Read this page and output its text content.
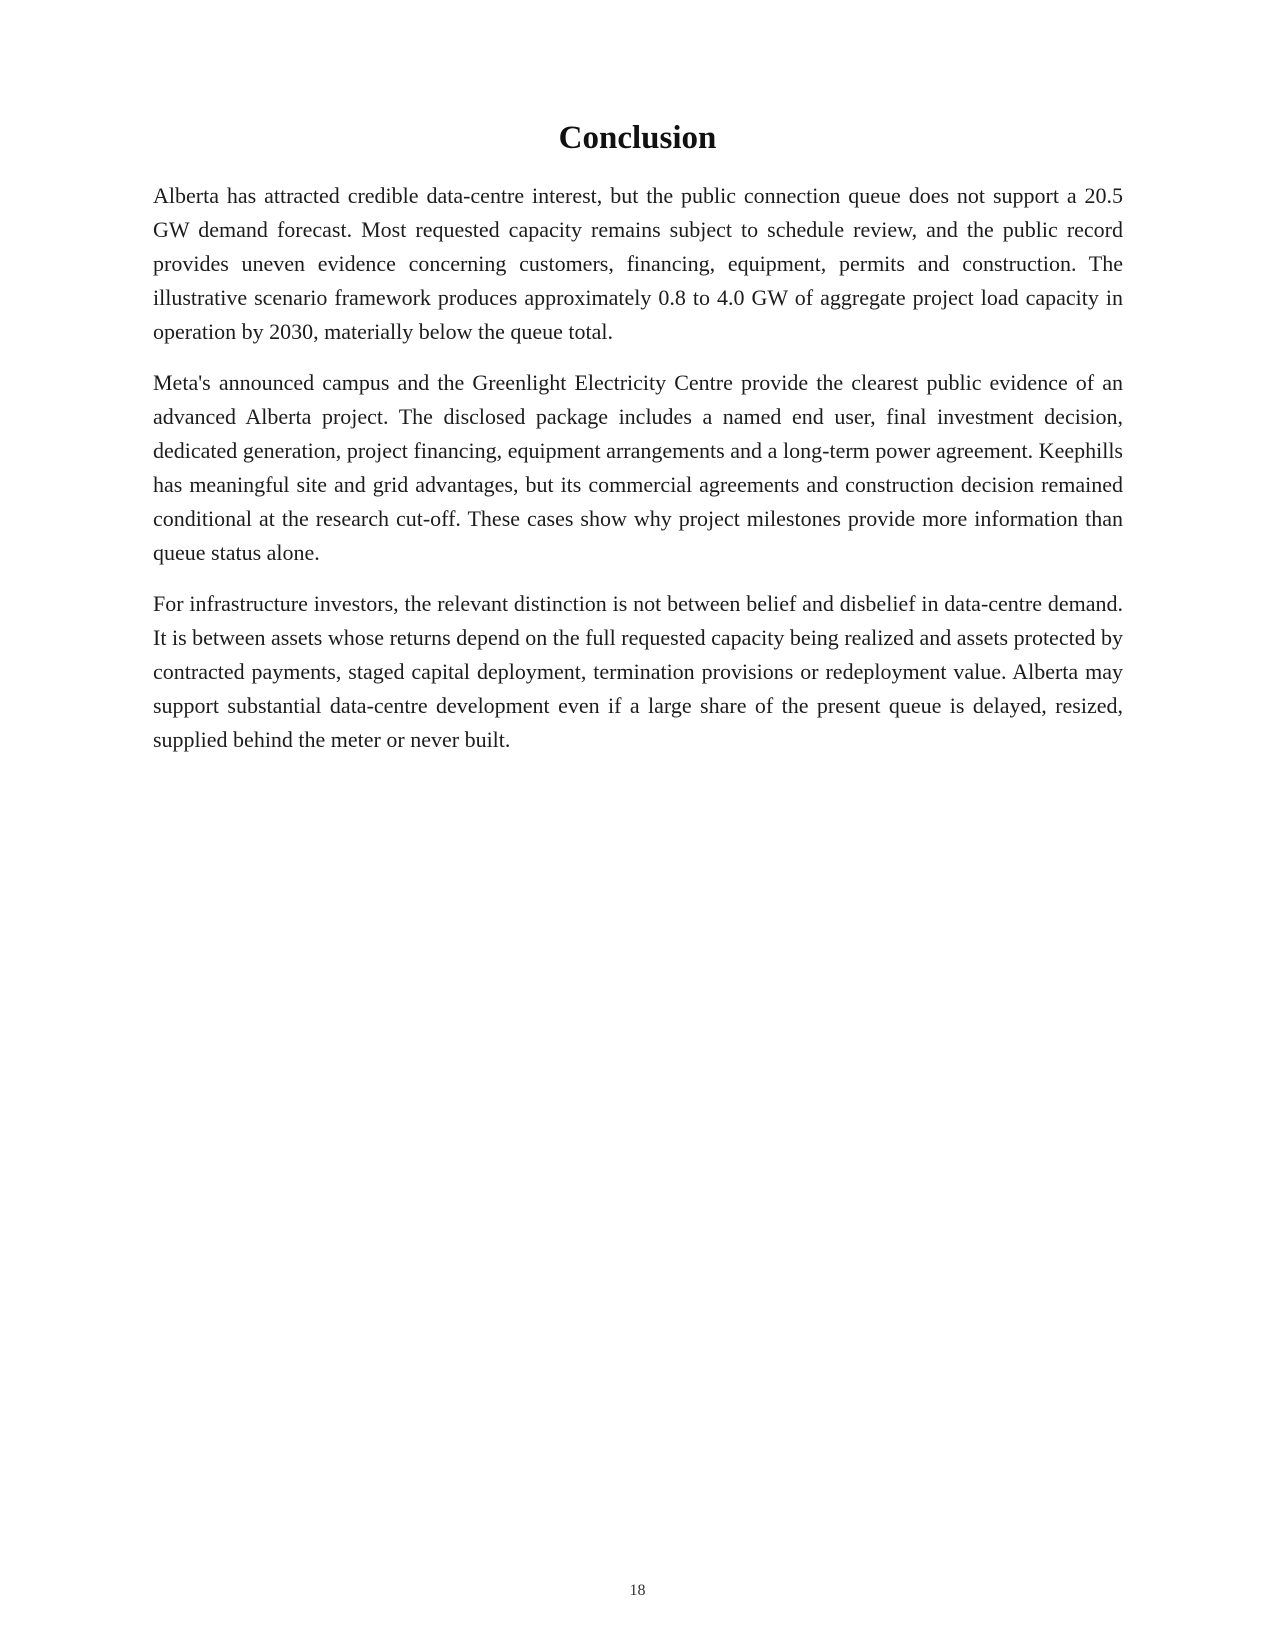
Conclusion

Alberta has attracted credible data-centre interest, but the public connection queue does not support a 20.5 GW demand forecast. Most requested capacity remains subject to schedule review, and the public record provides uneven evidence concerning customers, financing, equipment, permits and construction. The illustrative scenario framework produces approximately 0.8 to 4.0 GW of aggregate project load capacity in operation by 2030, materially below the queue total.

Meta's announced campus and the Greenlight Electricity Centre provide the clearest public evidence of an advanced Alberta project. The disclosed package includes a named end user, final investment decision, dedicated generation, project financing, equipment arrangements and a long-term power agreement. Keephills has meaningful site and grid advantages, but its commercial agreements and construction decision remained conditional at the research cut-off. These cases show why project milestones provide more information than queue status alone.

For infrastructure investors, the relevant distinction is not between belief and disbelief in data-centre demand. It is between assets whose returns depend on the full requested capacity being realized and assets protected by contracted payments, staged capital deployment, termination provisions or redeployment value. Alberta may support substantial data-centre development even if a large share of the present queue is delayed, resized, supplied behind the meter or never built.

18
